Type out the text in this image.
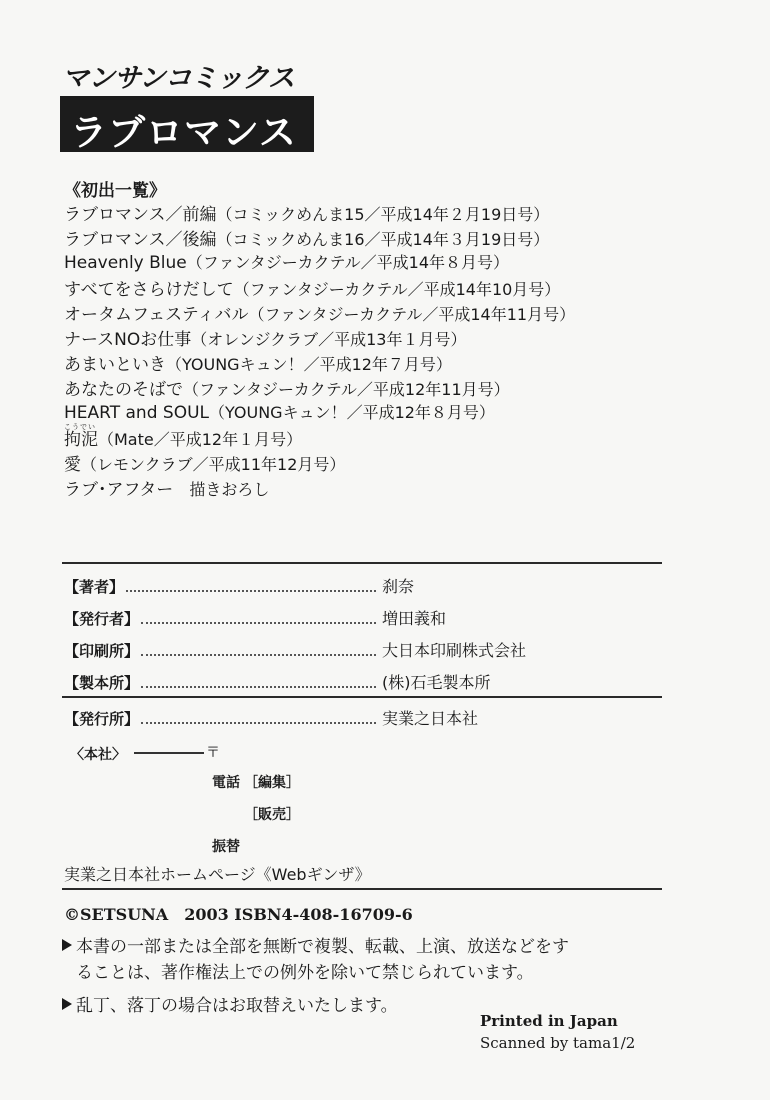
マンサンコミックス
ラブロマンス
《初出一覧》
こうでい
ラブロマンス／前編（コミックめんま15／平成14年２月19日号）
ラブロマンス／後編（コミックめんま16／平成14年３月19日号）
Heavenly Blue（ファンタジーカクテル／平成14年８月号）
すべてをさらけだして（ファンタジーカクテル／平成14年10月号）
オータムフェスティバル（ファンタジーカクテル／平成14年11月号）
ナースNOお仕事（オレンジクラブ／平成13年１月号）
あまいといき（YOUNGキュン！／平成12年７月号）
あなたのそばで（ファンタジーカクテル／平成12年11月号）
HEART and SOUL（YOUNGキュン！／平成12年８月号）
拘泥（Mate／平成12年１月号）
愛（レモンクラブ／平成11年12月号）
ラブ･アフター　描きおろし
【著者】	刹奈
【発行者】	増田義和
【印刷所】	大日本印刷株式会社
【製本所】	(株)石毛製本所
【発行所】	実業之日本社
〈本社〉	〒
電話 ［編集］
［販売］
振替
実業之日本社ホームページ《Webギンザ》
©SETSUNA　2003 ISBN4-408-16709-6
本書の一部または全部を無断で複製、転載、上演、放送などをす
ることは、著作権法上での例外を除いて禁じられています。
乱丁、落丁の場合はお取替えいたします。
Printed in Japan
Scanned by tama1/2
